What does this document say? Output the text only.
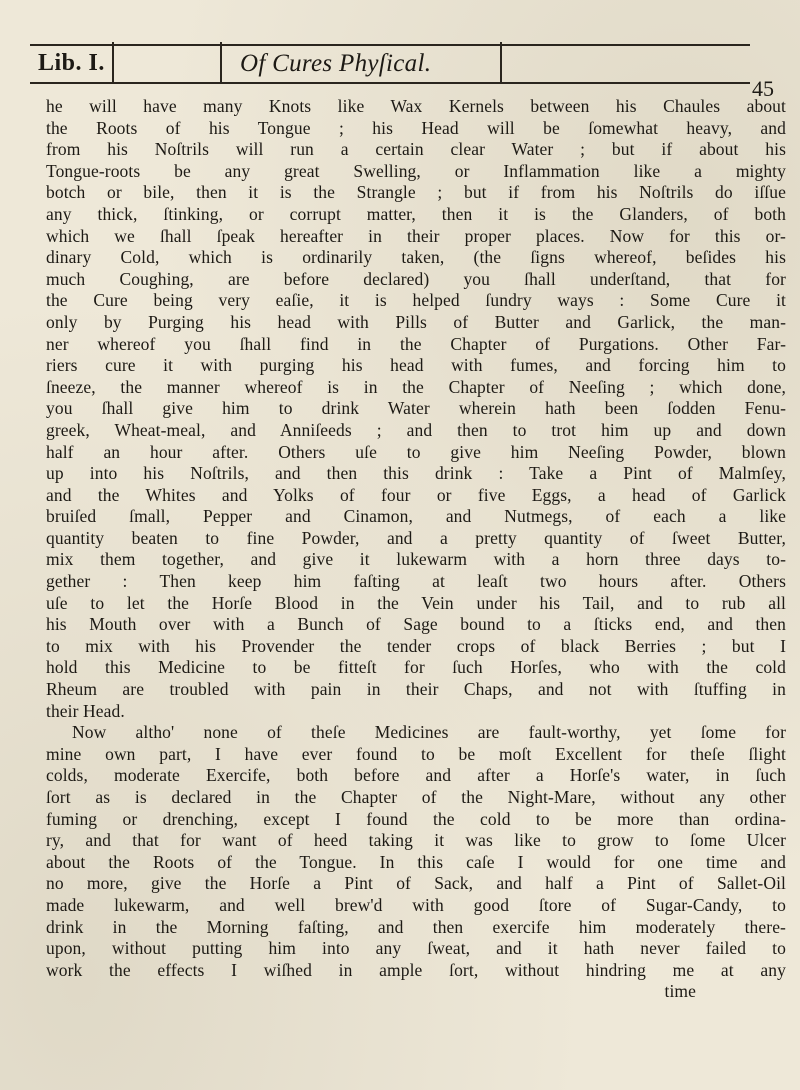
Lib. I.	Of Cures Phyſical.
45
he will have many Knots like Wax Kernels between his Chaules about
the Roots of his Tongue ; his Head will be ſomewhat heavy, and
from his Noſtrils will run a certain clear Water ; but if about his
Tongue-roots be any great Swelling, or Inflammation like a mighty
botch or bile, then it is the Strangle ; but if from his Noſtrils do iſſue
any thick, ſtinking, or corrupt matter, then it is the Glanders, of both
which we ſhall ſpeak hereafter in their proper places. Now for this or-
dinary Cold, which is ordinarily taken, (the ſigns whereof, beſides his
much Coughing, are before declared) you ſhall underſtand, that for
the Cure being very eaſie, it is helped ſundry ways : Some Cure it
only by Purging his head with Pills of Butter and Garlick, the man-
ner whereof you ſhall find in the Chapter of Purgations. Other Far-
riers cure it with purging his head with fumes, and forcing him to
ſneeze, the manner whereof is in the Chapter of Neeſing ; which done,
you ſhall give him to drink Water wherein hath been ſodden Fenu-
greek, Wheat-meal, and Anniſeeds ; and then to trot him up and down
half an hour after. Others uſe to give him Neeſing Powder, blown
up into his Noſtrils, and then this drink : Take a Pint of Malmſey,
and the Whites and Yolks of four or five Eggs, a head of Garlick
bruiſed ſmall, Pepper and Cinamon, and Nutmegs, of each a like
quantity beaten to fine Powder, and a pretty quantity of ſweet Butter,
mix them together, and give it lukewarm with a horn three days to-
gether : Then keep him faſting at leaſt two hours after. Others
uſe to let the Horſe Blood in the Vein under his Tail, and to rub all
his Mouth over with a Bunch of Sage bound to a ſticks end, and then
to mix with his Provender the tender crops of black Berries ; but I
hold this Medicine to be fitteſt for ſuch Horſes, who with the cold
Rheum are troubled with pain in their Chaps, and not with ſtuffing in
their Head.
Now altho' none of theſe Medicines are fault-worthy, yet ſome for
mine own part, I have ever found to be moſt Excellent for theſe ſlight
colds, moderate Exercife, both before and after a Horſe's water, in ſuch
ſort as is declared in the Chapter of the Night-Mare, without any other
fuming or drenching, except I found the cold to be more than ordina-
ry, and that for want of heed taking it was like to grow to ſome Ulcer
about the Roots of the Tongue. In this caſe I would for one time and
no more, give the Horſe a Pint of Sack, and half a Pint of Sallet-Oil
made lukewarm, and well brew'd with good ſtore of Sugar-Candy, to
drink in the Morning faſting, and then exercife him moderately there-
upon, without putting him into any ſweat, and it hath never failed to
work the effects I wiſhed in ample ſort, without hindring me at any
time
